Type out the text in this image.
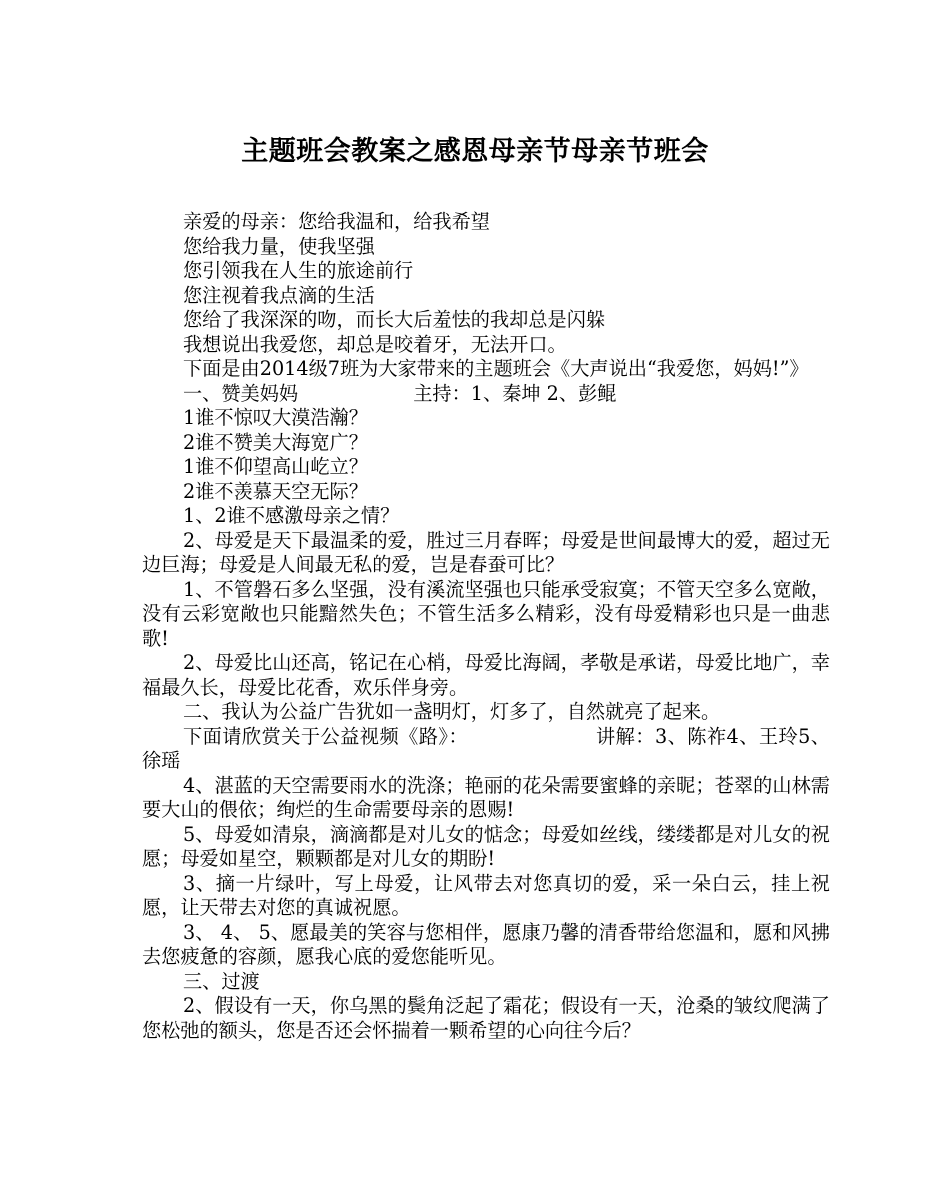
主题班会教案之感恩母亲节母亲节班会

亲爱的母亲：您给我温和，给我希望

您给我力量，使我坚强

您引领我在人生的旅途前行

您注视着我点滴的生活

您给了我深深的吻，而长大后羞怯的我却总是闪躲

我想说出我爱您，却总是咬着牙，无法开口。

下面是由2014级7班为大家带来的主题班会《大声说出“我爱您，妈妈!”》

一、赞美妈妈　　　　　　主持：1、秦坤 2、彭鲲

1谁不惊叹大漠浩瀚？

2谁不赞美大海宽广？

1谁不仰望高山屹立？

2谁不羡慕天空无际？

1、2谁不感激母亲之情？

2、母爱是天下最温柔的爱，胜过三月春晖；母爱是世间最博大的爱，超过无边巨海；母爱是人间最无私的爱，岂是春蚕可比？

1、不管磐石多么坚强，没有溪流坚强也只能承受寂寞；不管天空多么宽敞，没有云彩宽敞也只能黯然失色；不管生活多么精彩，没有母爱精彩也只是一曲悲歌!

2、母爱比山还高，铭记在心梢，母爱比海阔，孝敬是承诺，母爱比地广，幸福最久长，母爱比花香，欢乐伴身旁。

二、我认为公益广告犹如一盏明灯，灯多了，自然就亮了起来。

下面请欣赏关于公益视频《路》：　　　　　　　讲解：3、陈祚4、王玲5、徐瑶

4、湛蓝的天空需要雨水的洗涤；艳丽的花朵需要蜜蜂的亲昵；苍翠的山林需要大山的偎依；绚烂的生命需要母亲的恩赐!

5、母爱如清泉，滴滴都是对儿女的惦念；母爱如丝线，缕缕都是对儿女的祝愿；母爱如星空，颗颗都是对儿女的期盼!

3、摘一片绿叶，写上母爱，让风带去对您真切的爱，采一朵白云，挂上祝愿，让天带去对您的真诚祝愿。

3、 4、 5、愿最美的笑容与您相伴，愿康乃馨的清香带给您温和，愿和风拂去您疲惫的容颜，愿我心底的爱您能听见。

三、过渡

2、假设有一天，你乌黑的鬓角泛起了霜花；假设有一天，沧桑的皱纹爬满了您松弛的额头，您是否还会怀揣着一颗希望的心向往今后？
